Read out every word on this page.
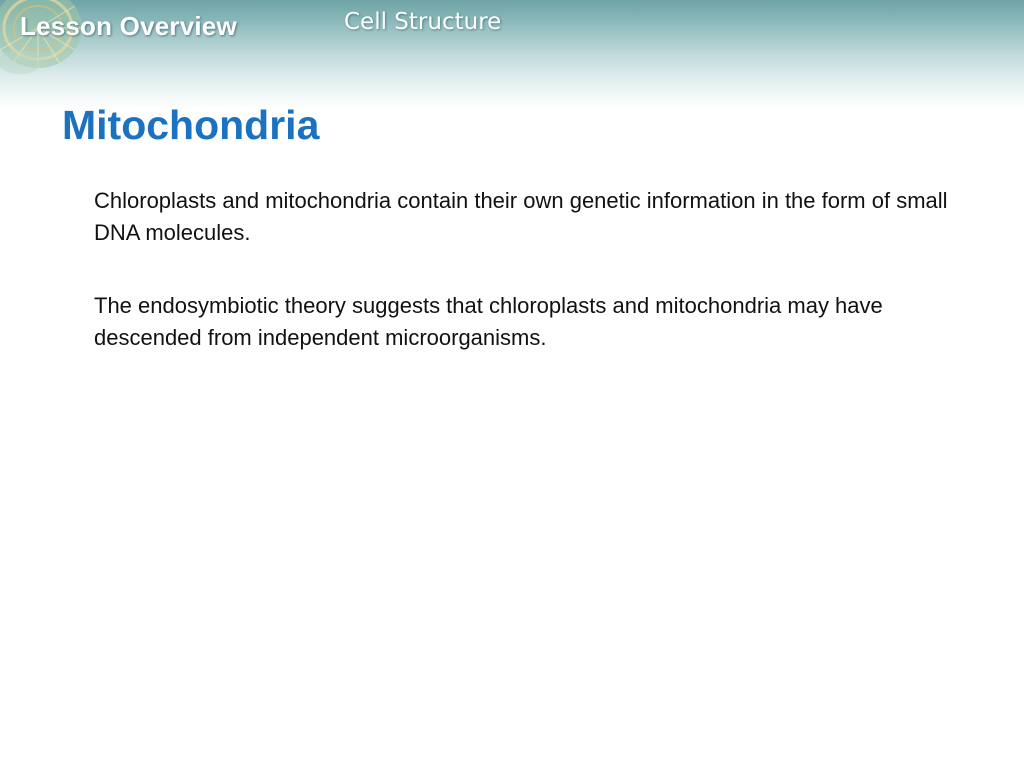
Lesson Overview	Cell Structure
Mitochondria

Chloroplasts and mitochondria contain their own genetic information in the form of small DNA molecules.

The endosymbiotic theory suggests that chloroplasts and mitochondria may have descended from independent microorganisms.
